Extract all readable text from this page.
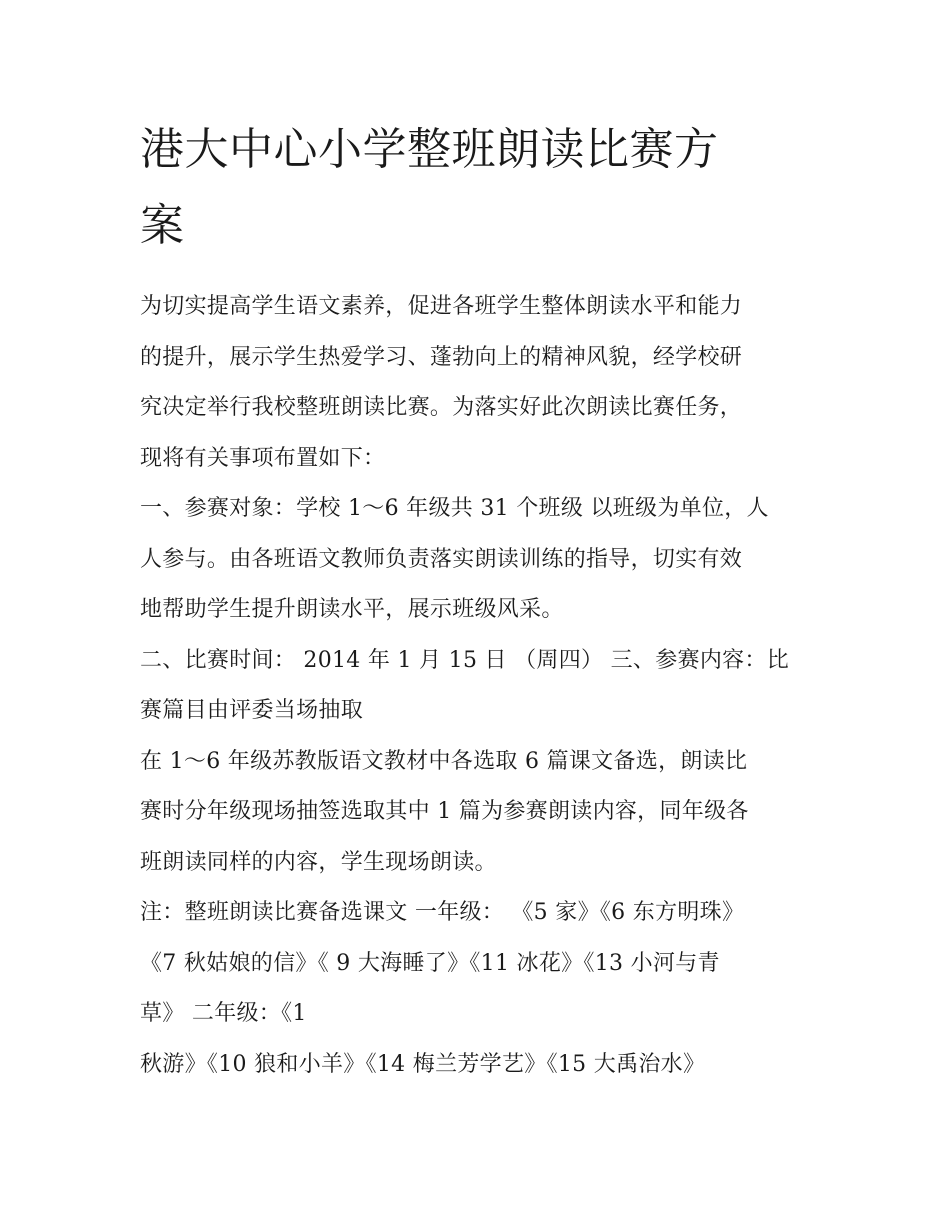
港大中心小学整班朗读比赛方
案

为切实提高学生语文素养，促进各班学生整体朗读水平和能力

的提升，展示学生热爱学习、蓬勃向上的精神风貌，经学校研

究决定举行我校整班朗读比赛。为落实好此次朗读比赛任务，

现将有关事项布置如下：

一、参赛对象：学校 1～6 年级共 31 个班级 以班级为单位，人

人参与。由各班语文教师负责落实朗读训练的指导，切实有效

地帮助学生提升朗读水平，展示班级风采。

二、比赛时间： 2014 年 1 月 15 日 （周四） 三、参赛内容：比

赛篇目由评委当场抽取

在 1～6 年级苏教版语文教材中各选取 6 篇课文备选，朗读比

赛时分年级现场抽签选取其中 1 篇为参赛朗读内容，同年级各

班朗读同样的内容，学生现场朗读。

注：整班朗读比赛备选课文 一年级： 《5 家》《6 东方明珠》

《7 秋姑娘的信》《 9 大海睡了》《11 冰花》《13 小河与青

草》 二年级：《1

秋游》《10 狼和小羊》《14 梅兰芳学艺》《15 大禹治水》
